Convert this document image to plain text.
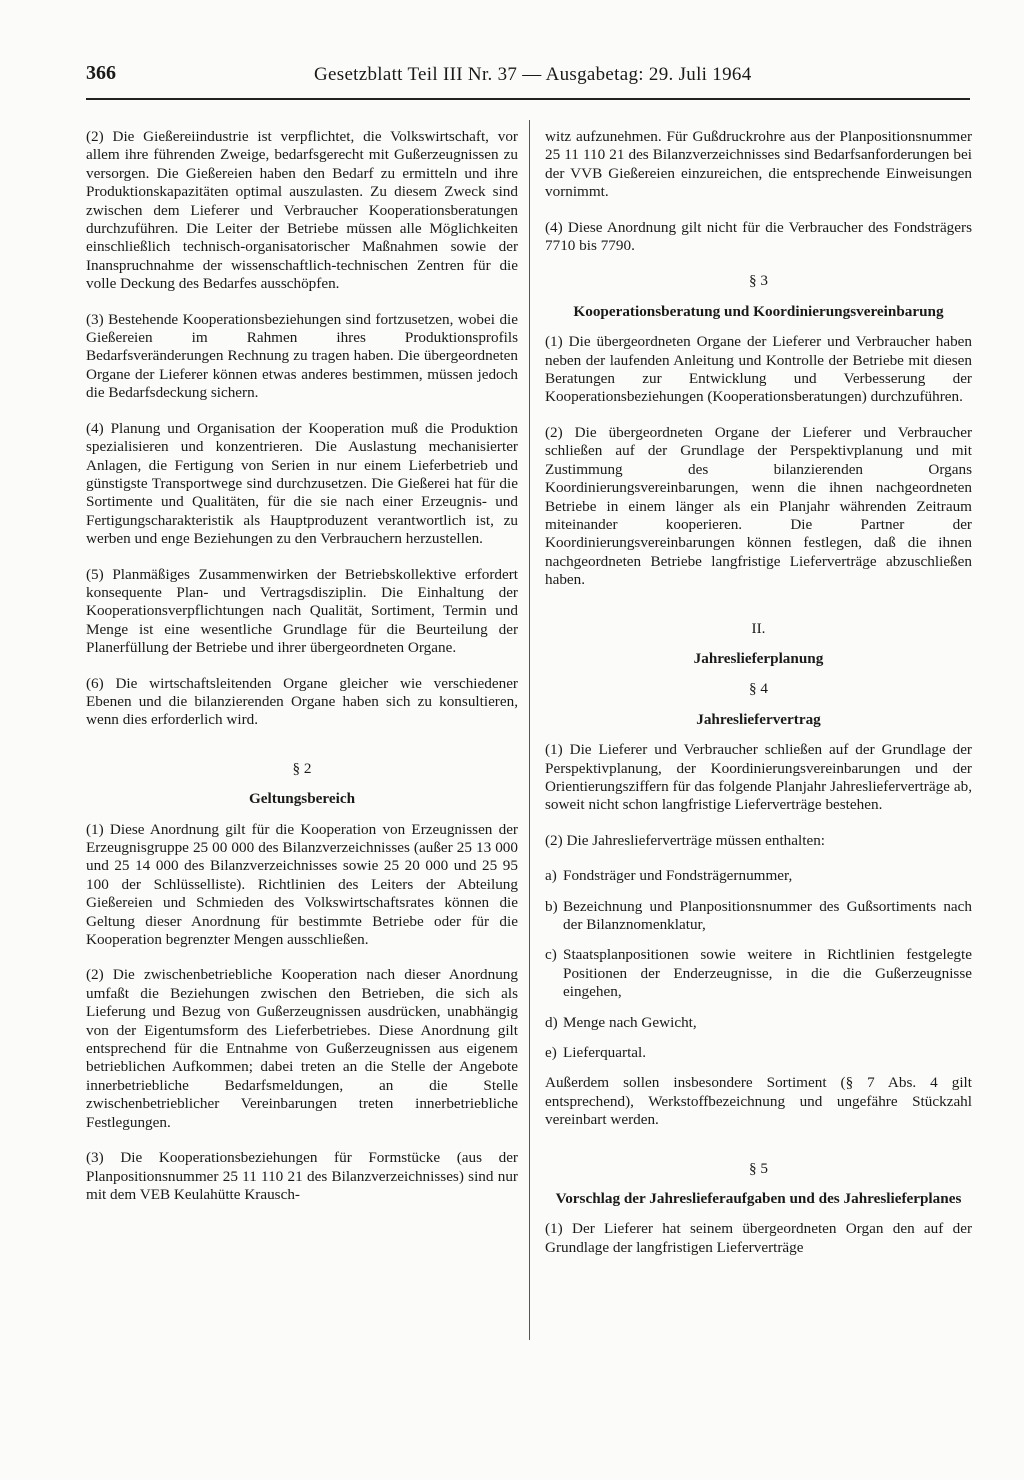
366	Gesetzblatt Teil III Nr. 37 — Ausgabetag: 29. Juli 1964

(2) Die Gießereiindustrie ist verpflichtet, die Volkswirtschaft, vor allem ihre führenden Zweige, bedarfsgerecht mit Gußerzeugnissen zu versorgen. Die Gießereien haben den Bedarf zu ermitteln und ihre Produktionskapazitäten optimal auszulasten. Zu diesem Zweck sind zwischen dem Lieferer und Verbraucher Kooperationsberatungen durchzuführen. Die Leiter der Betriebe müssen alle Möglichkeiten einschließlich technisch-organisatorischer Maßnahmen sowie der Inanspruchnahme der wissenschaftlich-technischen Zentren für die volle Deckung des Bedarfes ausschöpfen.

(3) Bestehende Kooperationsbeziehungen sind fortzusetzen, wobei die Gießereien im Rahmen ihres Produktionsprofils Bedarfsveränderungen Rechnung zu tragen haben. Die übergeordneten Organe der Lieferer können etwas anderes bestimmen, müssen jedoch die Bedarfsdeckung sichern.

(4) Planung und Organisation der Kooperation muß die Produktion spezialisieren und konzentrieren. Die Auslastung mechanisierter Anlagen, die Fertigung von Serien in nur einem Lieferbetrieb und günstigste Transportwege sind durchzusetzen. Die Gießerei hat für die Sortimente und Qualitäten, für die sie nach einer Erzeugnis- und Fertigungscharakteristik als Hauptproduzent verantwortlich ist, zu werben und enge Beziehungen zu den Verbrauchern herzustellen.

(5) Planmäßiges Zusammenwirken der Betriebskollektive erfordert konsequente Plan- und Vertragsdisziplin. Die Einhaltung der Kooperationsverpflichtungen nach Qualität, Sortiment, Termin und Menge ist eine wesentliche Grundlage für die Beurteilung der Planerfüllung der Betriebe und ihrer übergeordneten Organe.

(6) Die wirtschaftsleitenden Organe gleicher wie verschiedener Ebenen und die bilanzierenden Organe haben sich zu konsultieren, wenn dies erforderlich wird.

§ 2
Geltungsbereich

(1) Diese Anordnung gilt für die Kooperation von Erzeugnissen der Erzeugnisgruppe 25 00 000 des Bilanzverzeichnisses (außer 25 13 000 und 25 14 000 des Bilanzverzeichnisses sowie 25 20 000 und 25 95 100 der Schlüsselliste). Richtlinien des Leiters der Abteilung Gießereien und Schmieden des Volkswirtschaftsrates können die Geltung dieser Anordnung für bestimmte Betriebe oder für die Kooperation begrenzter Mengen ausschließen.

(2) Die zwischenbetriebliche Kooperation nach dieser Anordnung umfaßt die Beziehungen zwischen den Betrieben, die sich als Lieferung und Bezug von Gußerzeugnissen ausdrücken, unabhängig von der Eigentumsform des Lieferbetriebes. Diese Anordnung gilt entsprechend für die Entnahme von Gußerzeugnissen aus eigenem betrieblichen Aufkommen; dabei treten an die Stelle der Angebote innerbetriebliche Bedarfsmeldungen, an die Stelle zwischenbetrieblicher Vereinbarungen treten innerbetriebliche Festlegungen.

(3) Die Kooperationsbeziehungen für Formstücke (aus der Planpositionsnummer 25 11 110 21 des Bilanzverzeichnisses) sind nur mit dem VEB Keulahütte Krausch-

witz aufzunehmen. Für Gußdruckrohre aus der Planpositionsnummer 25 11 110 21 des Bilanzverzeichnisses sind Bedarfsanforderungen bei der VVB Gießereien einzureichen, die entsprechende Einweisungen vornimmt.

(4) Diese Anordnung gilt nicht für die Verbraucher des Fondsträgers 7710 bis 7790.

§ 3
Kooperationsberatung und Koordinierungsvereinbarung

(1) Die übergeordneten Organe der Lieferer und Verbraucher haben neben der laufenden Anleitung und Kontrolle der Betriebe mit diesen Beratungen zur Entwicklung und Verbesserung der Kooperationsbeziehungen (Kooperationsberatungen) durchzuführen.

(2) Die übergeordneten Organe der Lieferer und Verbraucher schließen auf der Grundlage der Perspektivplanung und mit Zustimmung des bilanzierenden Organs Koordinierungsvereinbarungen, wenn die ihnen nachgeordneten Betriebe in einem länger als ein Planjahr währenden Zeitraum miteinander kooperieren. Die Partner der Koordinierungsvereinbarungen können festlegen, daß die ihnen nachgeordneten Betriebe langfristige Lieferverträge abzuschließen haben.

II.
Jahreslieferplanung
§ 4
Jahresliefervertrag

(1) Die Lieferer und Verbraucher schließen auf der Grundlage der Perspektivplanung, der Koordinierungsvereinbarungen und der Orientierungsziffern für das folgende Planjahr Jahreslieferverträge ab, soweit nicht schon langfristige Lieferverträge bestehen.

(2) Die Jahreslieferverträge müssen enthalten:

a) Fondsträger und Fondsträgernummer,
b) Bezeichnung und Planpositionsnummer des Gußsortiments nach der Bilanznomenklatur,
c) Staatsplanpositionen sowie weitere in Richtlinien festgelegte Positionen der Enderzeugnisse, in die die Gußerzeugnisse eingehen,
d) Menge nach Gewicht,
e) Lieferquartal.

Außerdem sollen insbesondere Sortiment (§ 7 Abs. 4 gilt entsprechend), Werkstoffbezeichnung und ungefähre Stückzahl vereinbart werden.

§ 5
Vorschlag der Jahreslieferaufgaben und des Jahreslieferplanes

(1) Der Lieferer hat seinem übergeordneten Organ den auf der Grundlage der langfristigen Lieferverträge
